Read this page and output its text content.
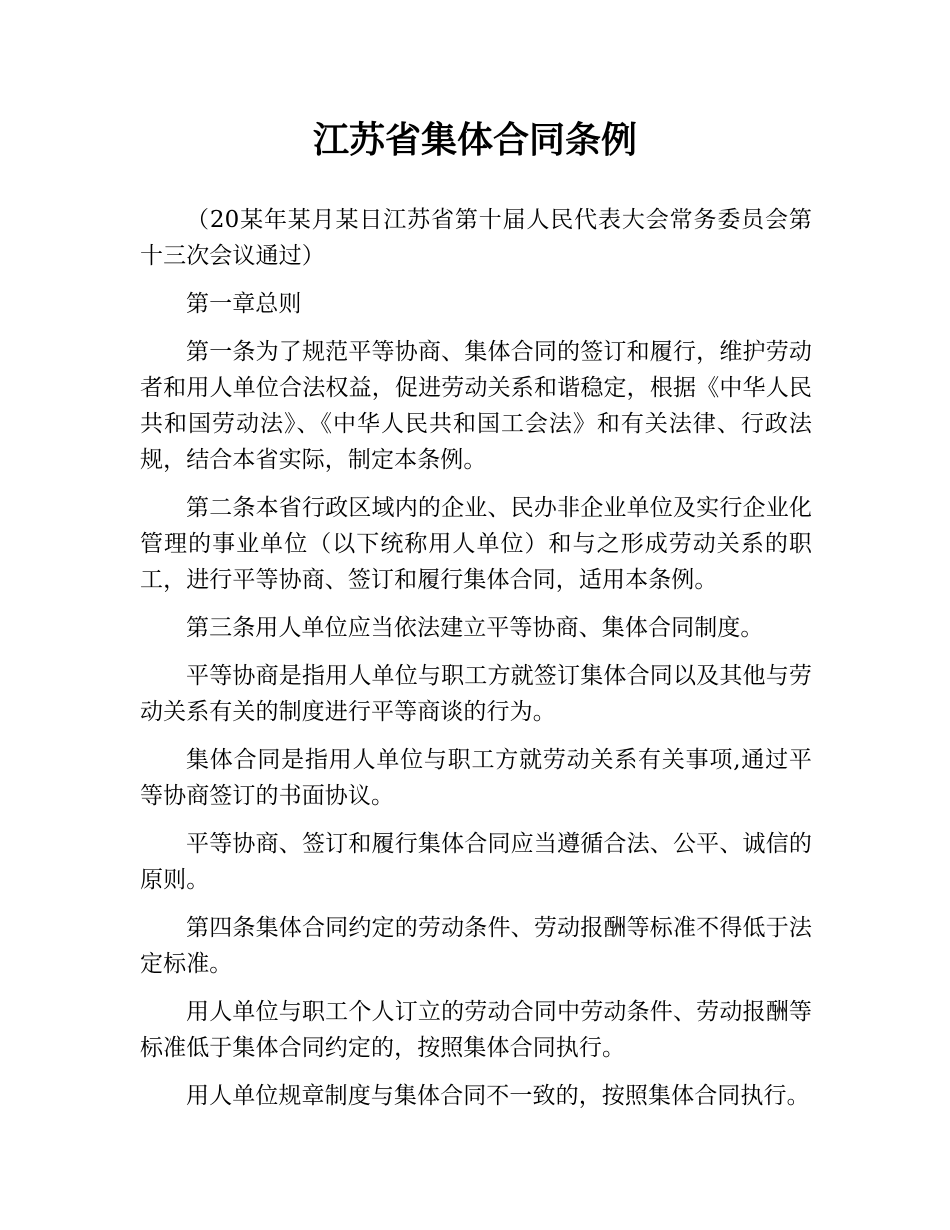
江苏省集体合同条例

（20某年某月某日江苏省第十届人民代表大会常务委员会第十三次会议通过）

第一章总则

第一条为了规范平等协商、集体合同的签订和履行，维护劳动者和用人单位合法权益，促进劳动关系和谐稳定，根据《中华人民共和国劳动法》、《中华人民共和国工会法》和有关法律、行政法规，结合本省实际，制定本条例。

第二条本省行政区域内的企业、民办非企业单位及实行企业化管理的事业单位（以下统称用人单位）和与之形成劳动关系的职工，进行平等协商、签订和履行集体合同，适用本条例。

第三条用人单位应当依法建立平等协商、集体合同制度。

平等协商是指用人单位与职工方就签订集体合同以及其他与劳动关系有关的制度进行平等商谈的行为。

集体合同是指用人单位与职工方就劳动关系有关事项,通过平等协商签订的书面协议。

平等协商、签订和履行集体合同应当遵循合法、公平、诚信的原则。

第四条集体合同约定的劳动条件、劳动报酬等标准不得低于法定标准。

用人单位与职工个人订立的劳动合同中劳动条件、劳动报酬等标准低于集体合同约定的，按照集体合同执行。

用人单位规章制度与集体合同不一致的，按照集体合同执行。
